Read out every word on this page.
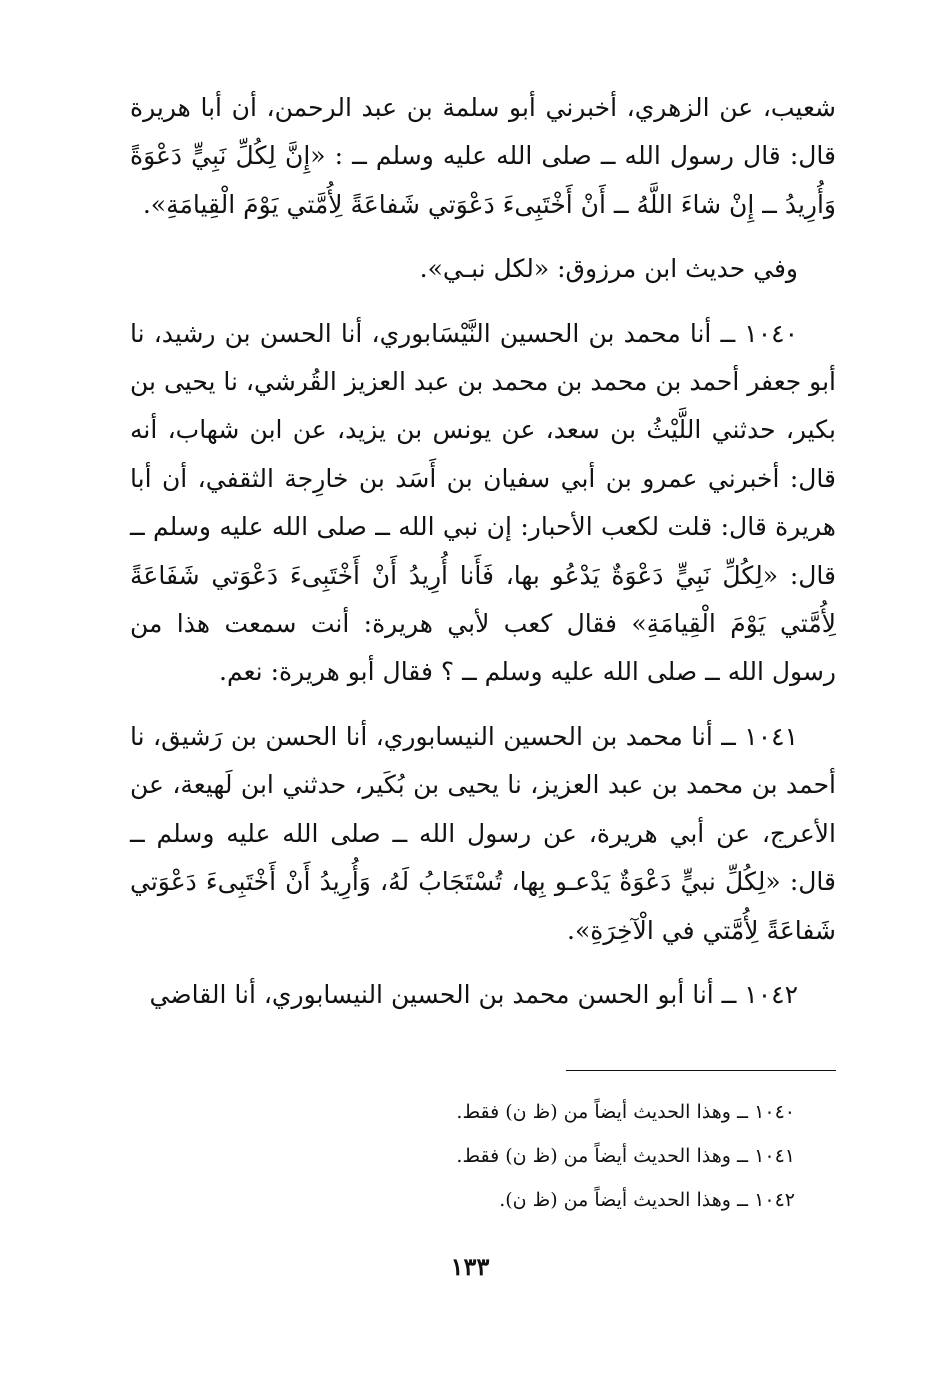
شعيب، عن الزهري، أخبرني أبو سلمة بن عبد الرحمن، أن أبا هريرة قال: قال رسول الله ــ صلى الله عليه وسلم ــ : «إِنَّ لِكُلِّ نَبِيٍّ دَعْوَةً وَأُرِيدُ ــ إِنْ شاءَ اللَّهُ ــ أَنْ أَخْتَبِىءَ دَعْوَتي شَفاعَةً لِأُمَّتي يَوْمَ الْقِيامَةِ».

وفي حديث ابن مرزوق: «لكل نبـي».

١٠٤٠ ــ أنا محمد بن الحسين النَّيْسَابوري، أنا الحسن بن رشيد، نا أبو جعفر أحمد بن محمد بن محمد بن عبد العزيز القُرشي، نا يحيى بن بكير، حدثني اللَّيْثُ بن سعد، عن يونس بن يزيد، عن ابن شهاب، أنه قال: أخبرني عمرو بن أبي سفيان بن أَسَد بن خارِجة الثقفي، أن أبا هريرة قال: قلت لكعب الأحبار: إن نبي الله ــ صلى الله عليه وسلم ــ قال: «لِكُلِّ نَبِيٍّ دَعْوَةٌ يَدْعُو بها، فَأَنا أُرِيدُ أَنْ أَخْتَبِىءَ دَعْوَتي شَفَاعَةً لِأُمَّتي يَوْمَ الْقِيامَةِ» فقال كعب لأبي هريرة: أنت سمعت هذا من رسول الله ــ صلى الله عليه وسلم ــ ؟ فقال أبو هريرة: نعم.

١٠٤١ ــ أنا محمد بن الحسين النيسابوري، أنا الحسن بن رَشيق، نا أحمد بن محمد بن عبد العزيز، نا يحيى بن بُكَير، حدثني ابن لَهيعة، عن الأعرج، عن أبي هريرة، عن رسول الله ــ صلى الله عليه وسلم ــ قال: «لِكُلِّ نبيٍّ دَعْوَةٌ يَدْعـو بِها، تُسْتَجَابُ لَهُ، وَأُرِيدُ أَنْ أَخْتَبِىءَ دَعْوَتي شَفاعَةً لِأُمَّتي في الْآخِرَةِ».

١٠٤٢ ــ أنا أبو الحسن محمد بن الحسين النيسابوري، أنا القاضي

١٠٤٠ ــ وهذا الحديث أيضاً من (ظ ن) فقط.

١٠٤١ ــ وهذا الحديث أيضاً من (ظ ن) فقط.

١٠٤٢ ــ وهذا الحديث أيضاً من (ظ ن).

١٣٣
